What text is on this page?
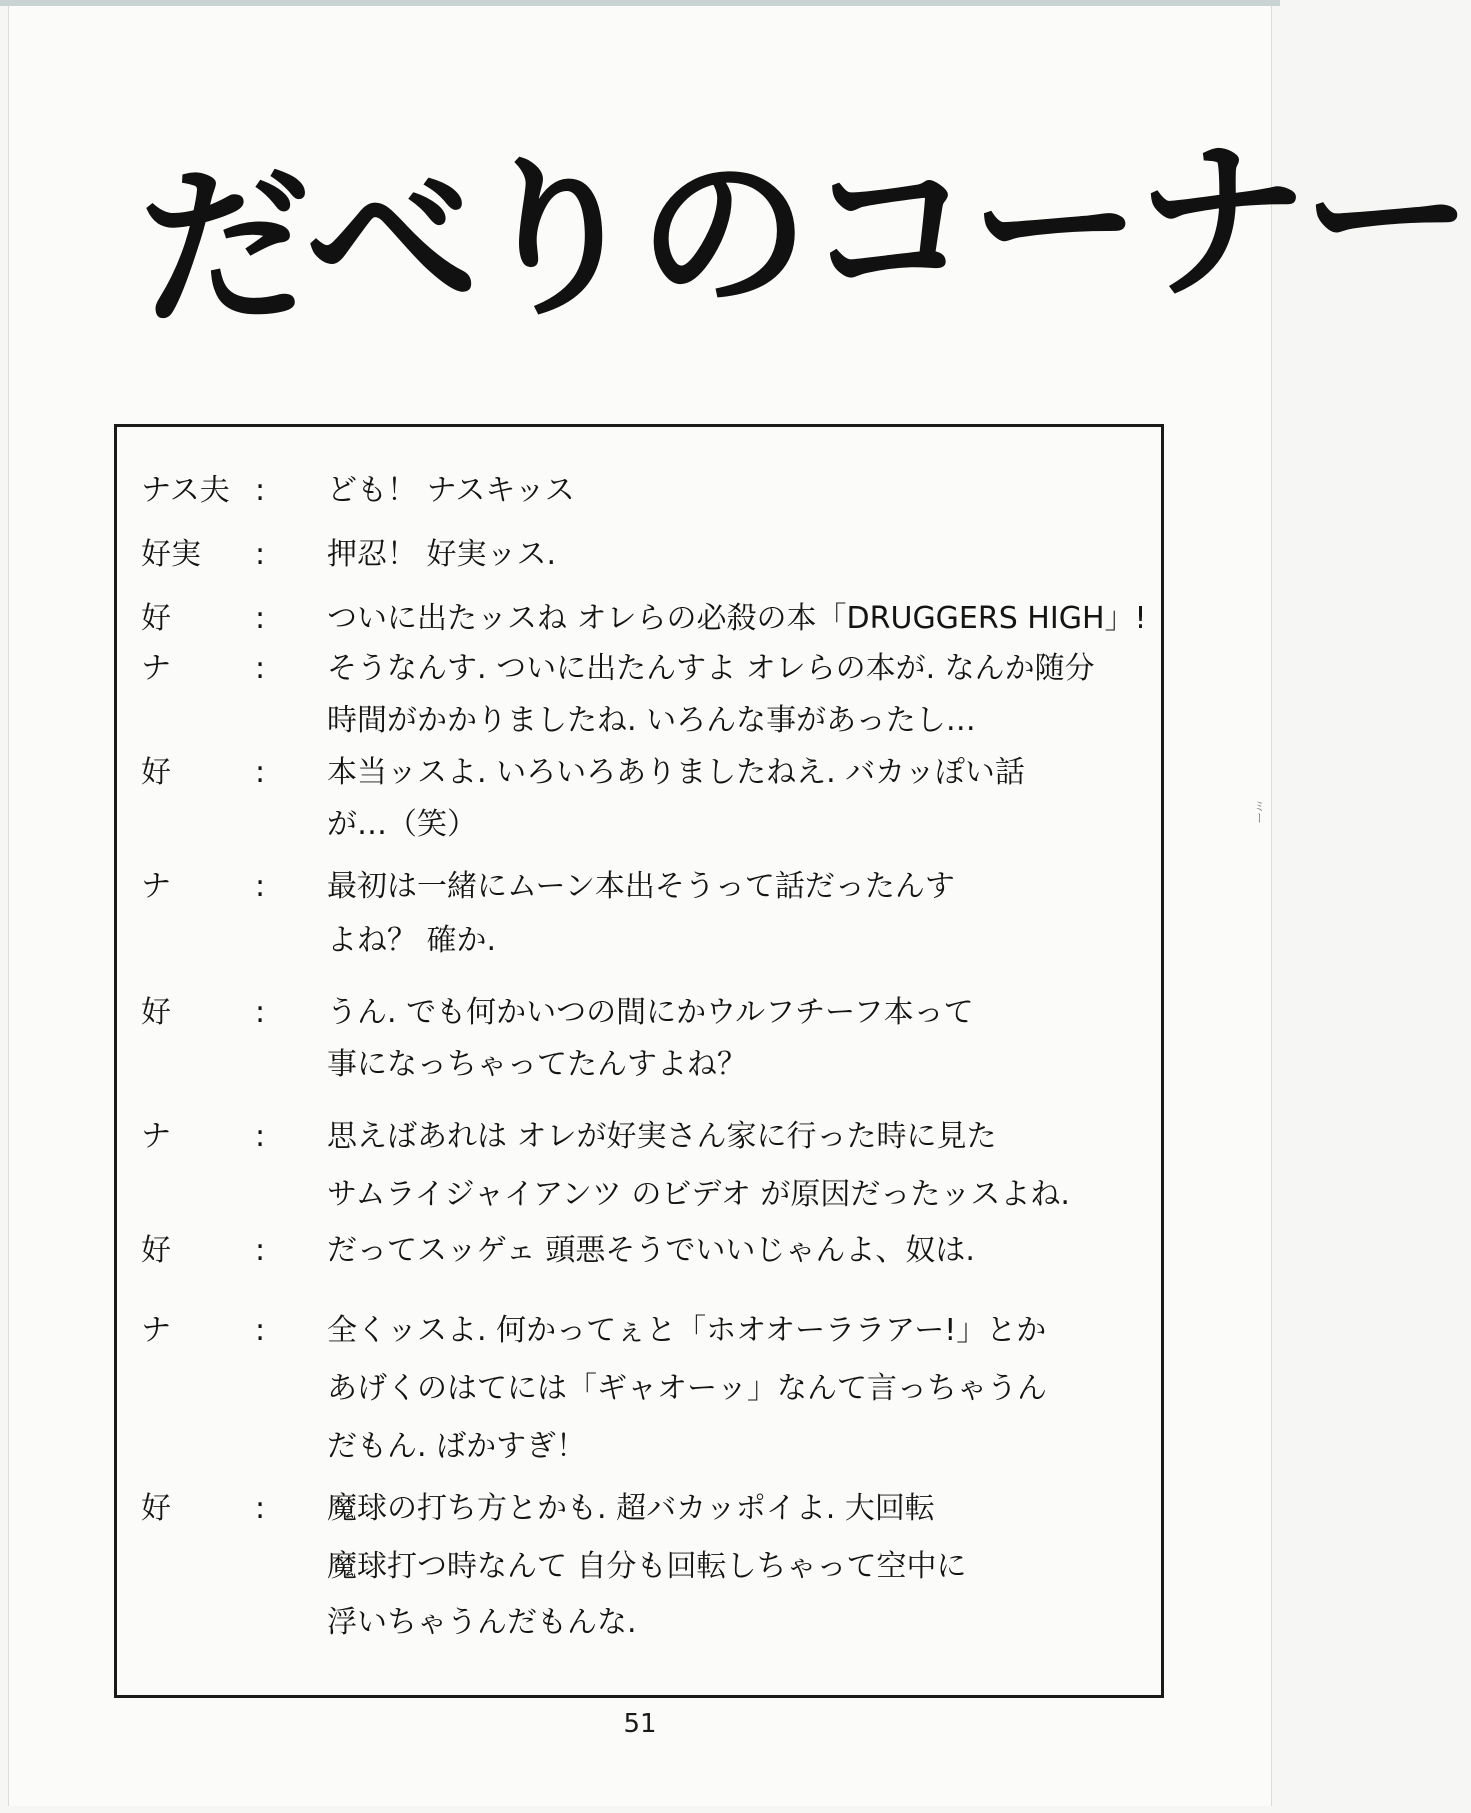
だべりのコーナー
ナス夫 :	ども！ ナスキッス
好実	:	押忍！ 好実ッス.
好	:	ついに出たッスね オレらの必殺の本「DRUGGERS HIGH」!
ナ	:	そうなんす. ついに出たんすよ オレらの本が. なんか随分
時間がかかりましたね. いろんな事があったし…
好	:	本当ッスよ. いろいろありましたねえ. バカッぽい話
が…（笑）
ナ	:	最初は一緒にムーン本出そうって話だったんす
よね？ 確か.
好	:	うん. でも何かいつの間にかウルフチーフ本って
事になっちゃってたんすよね？
ナ	:	思えばあれは オレが好実さん家に行った時に見た
サムライジャイアンツ のビデオ が原因だったッスよね.
好	:	だってスッゲェ 頭悪そうでいいじゃんよ、奴は.
ナ	:	全くッスよ. 何かってぇと「ホオオーララアー!」とか
あげくのはてには「ギャオーッ」なんて言っちゃうん
だもん. ばかすぎ！
好	:	魔球の打ち方とかも. 超バカッポイよ. 大回転
魔球打つ時なんて 自分も回転しちゃって空中に
浮いちゃうんだもんな.
ミー
51
